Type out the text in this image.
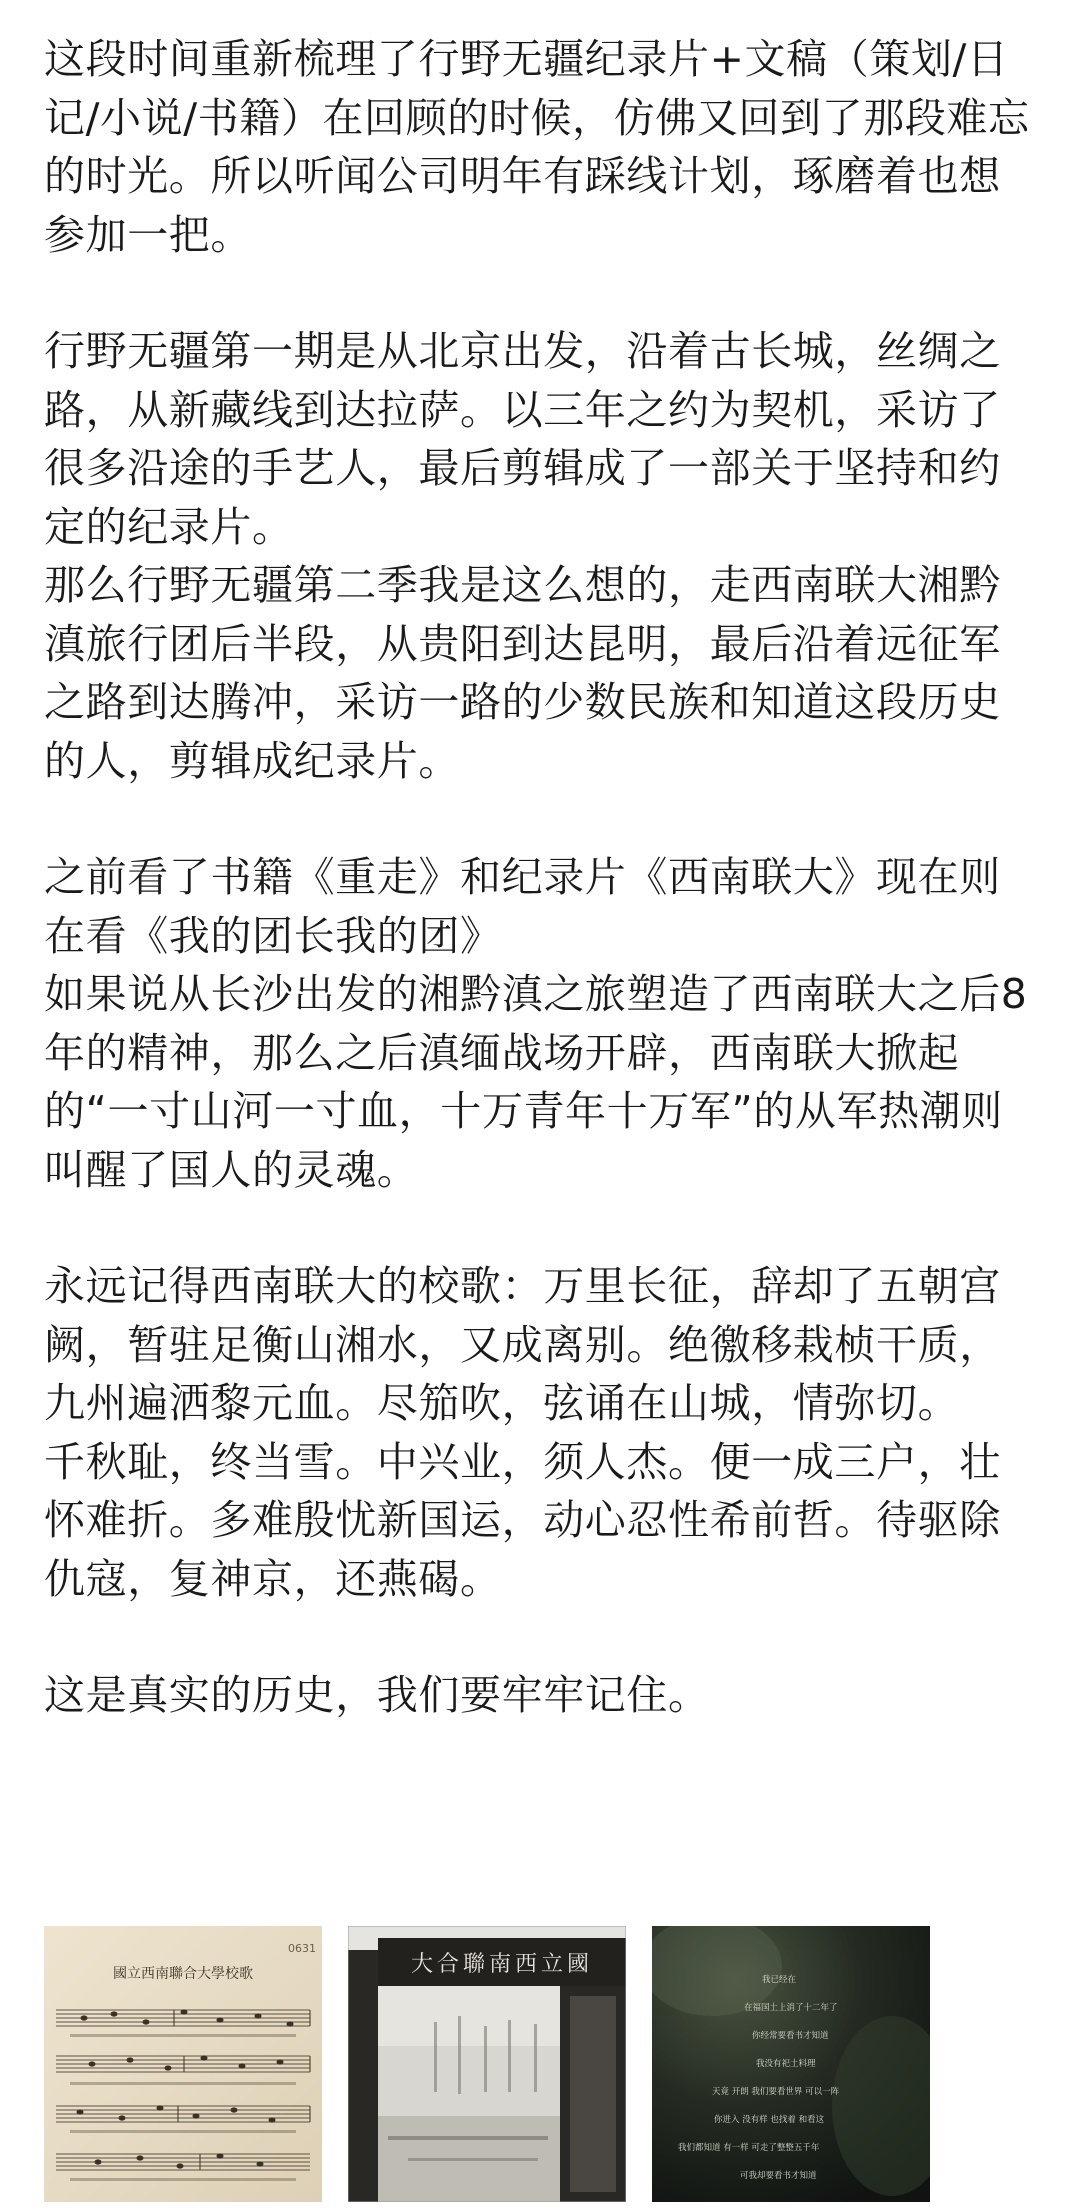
这段时间重新梳理了行野无疆纪录片+文稿（策划/日记/小说/书籍）在回顾的时候，仿佛又回到了那段难忘的时光。所以听闻公司明年有踩线计划，琢磨着也想参加一把。

行野无疆第一期是从北京出发，沿着古长城，丝绸之路，从新藏线到达拉萨。以三年之约为契机，采访了很多沿途的手艺人，最后剪辑成了一部关于坚持和约定的纪录片。

那么行野无疆第二季我是这么想的，走西南联大湘黔滇旅行团后半段，从贵阳到达昆明，最后沿着远征军之路到达腾冲，采访一路的少数民族和知道这段历史的人，剪辑成纪录片。

之前看了书籍《重走》和纪录片《西南联大》现在则在看《我的团长我的团》

如果说从长沙出发的湘黔滇之旅塑造了西南联大之后8年的精神，那么之后滇缅战场开辟，西南联大掀起的“一寸山河一寸血，十万青年十万军”的从军热潮则叫醒了国人的灵魂。

永远记得西南联大的校歌：万里长征，辞却了五朝宫阙，暂驻足衡山湘水，又成离别。绝徼移栽桢干质，九州遍洒黎元血。尽笳吹，弦诵在山城，情弥切。

千秋耻，终当雪。中兴业，须人杰。便一成三户，壮怀难折。多难殷忧新国运，动心忍性希前哲。待驱除仇寇，复神京，还燕碣。

这是真实的历史，我们要牢牢记住。

0631
國立西南聯合大學校歌	大合聯南西立國
我已经在
在福国土上消了十二年了
你经常要看书才知道
我没有祀土料理
天竟 开朗 我们要看世界 可以一阵
你进入 没有样 也找着 和看这
我们都知道 有一样 可走了整整五千年
可我却要看书才知道
